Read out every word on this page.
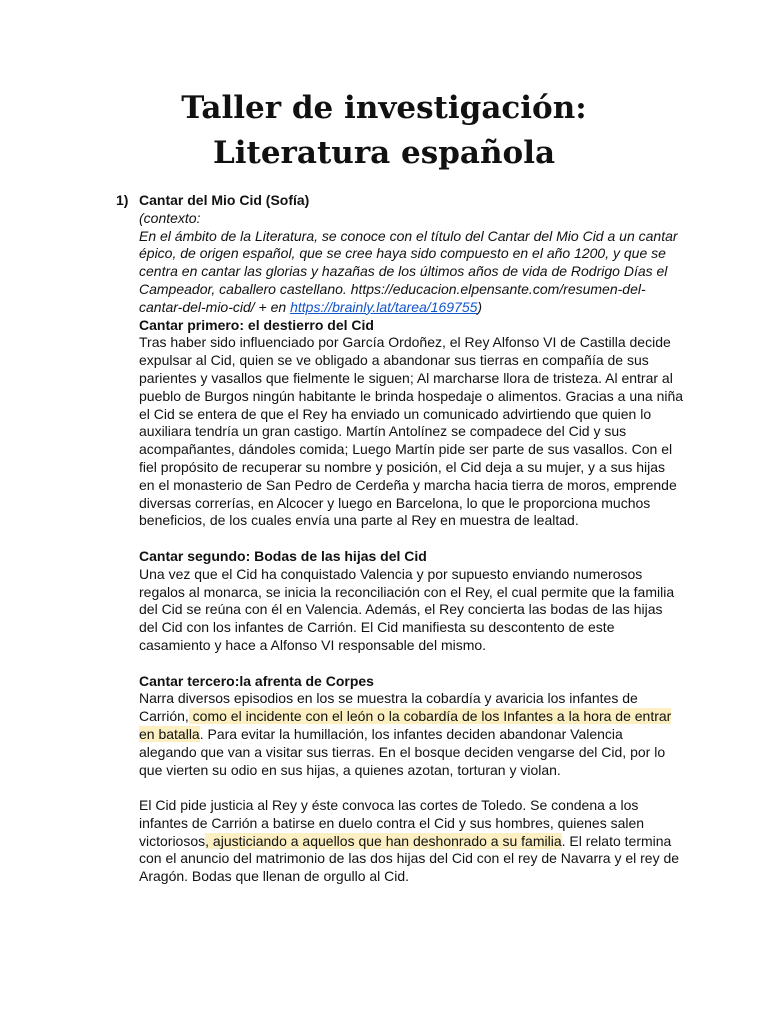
Taller de investigación:
Literatura española
1) Cantar del Mio Cid (Sofía)

(contexto:

En el ámbito de la Literatura, se conoce con el título del Cantar del Mio Cid a un cantar épico, de origen español, que se cree haya sido compuesto en el año 1200, y que se centra en cantar las glorias y hazañas de los últimos años de vida de Rodrigo Días el Campeador, caballero castellano. https://educacion.elpensante.com/resumen-del-cantar-del-mio-cid/ + en https://brainly.lat/tarea/169755)

Cantar primero: el destierro del Cid

Tras haber sido influenciado por García Ordoñez, el Rey Alfonso VI de Castilla decide expulsar al Cid, quien se ve obligado a abandonar sus tierras en compañía de sus parientes y vasallos que fielmente le siguen; Al marcharse llora de tristeza. Al entrar al pueblo de Burgos ningún habitante le brinda hospedaje o alimentos. Gracias a una niña el Cid se entera de que el Rey ha enviado un comunicado advirtiendo que quien lo auxiliara tendría un gran castigo. Martín Antolínez se compadece del Cid y sus acompañantes, dándoles comida; Luego Martín pide ser parte de sus vasallos. Con el fiel propósito de recuperar su nombre y posición, el Cid deja a su mujer, y a sus hijas en el monasterio de San Pedro de Cerdeña y marcha hacia tierra de moros, emprende diversas correrías, en Alcocer y luego en Barcelona, lo que le proporciona muchos beneficios, de los cuales envía una parte al Rey en muestra de lealtad.

Cantar segundo: Bodas de las hijas del Cid

Una vez que el Cid ha conquistado Valencia y por supuesto enviando numerosos regalos al monarca, se inicia la reconciliación con el Rey, el cual permite que la familia del Cid se reúna con él en Valencia. Además, el Rey concierta las bodas de las hijas del Cid con los infantes de Carrión. El Cid manifiesta su descontento de este casamiento y hace a Alfonso VI responsable del mismo.

Cantar tercero:la afrenta de Corpes

Narra diversos episodios en los se muestra la cobardía y avaricia los infantes de Carrión, como el incidente con el león o la cobardía de los Infantes a la hora de entrar en batalla. Para evitar la humillación, los infantes deciden abandonar Valencia alegando que van a visitar sus tierras. En el bosque deciden vengarse del Cid, por lo que vierten su odio en sus hijas, a quienes azotan, torturan y violan.

El Cid pide justicia al Rey y éste convoca las cortes de Toledo. Se condena a los infantes de Carrión a batirse en duelo contra el Cid y sus hombres, quienes salen victoriosos, ajusticiando a aquellos que han deshonrado a su familia. El relato termina con el anuncio del matrimonio de las dos hijas del Cid con el rey de Navarra y el rey de Aragón. Bodas que llenan de orgullo al Cid.
